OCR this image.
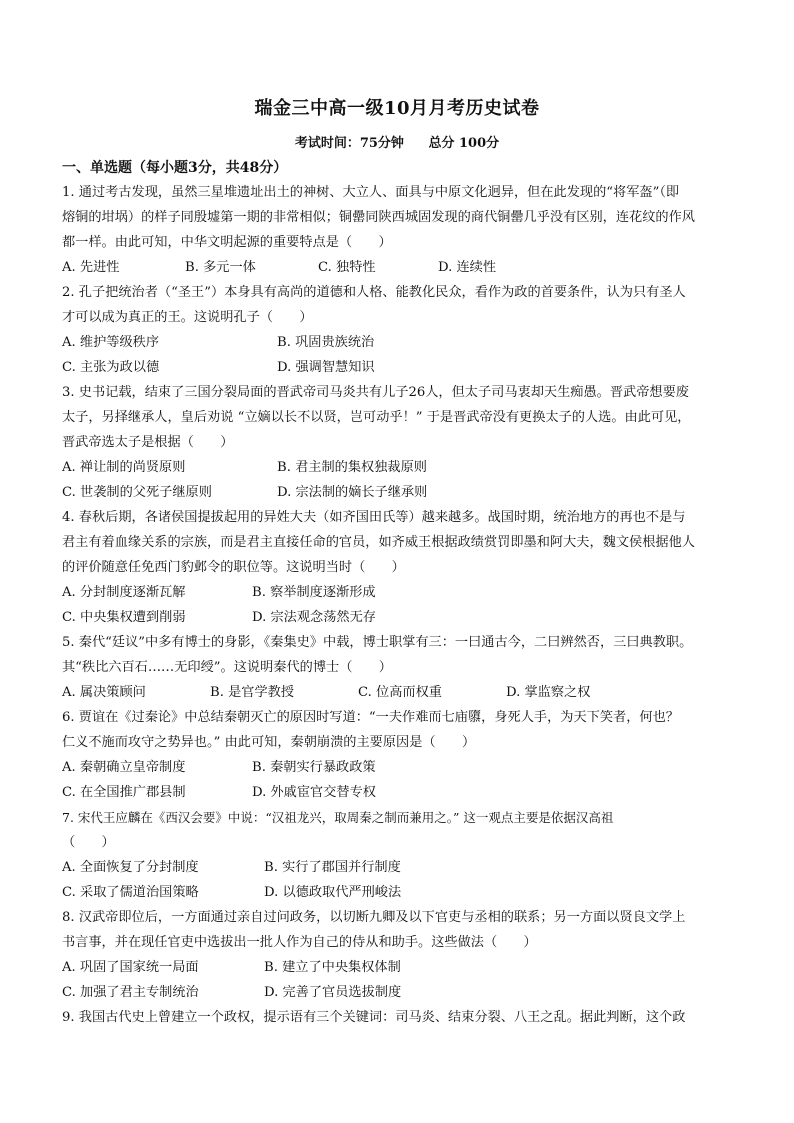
瑞金三中高一级10月月考历史试卷
考试时间：75分钟 总分 100分
一、单选题（每小题3分，共48分）
1. 通过考古发现，虽然三星堆遗址出土的神树、大立人、面具与中原文化迥异，但在此发现的“将军盔”（即
熔铜的坩埚）的样子同殷墟第一期的非常相似；铜罍同陕西城固发现的商代铜罍几乎没有区别，连花纹的作风
都一样。由此可知，中华文明起源的重要特点是（　　）
A. 先进性	B. 多元一体	C. 独特性	D. 连续性
2. 孔子把统治者（“圣王”）本身具有高尚的道德和人格、能教化民众，看作为政的首要条件，认为只有圣人
才可以成为真正的王。这说明孔子（　　）
A. 维护等级秩序	B. 巩固贵族统治
C. 主张为政以德	D. 强调智慧知识
3. 史书记载，结束了三国分裂局面的晋武帝司马炎共有儿子26人，但太子司马衷却天生痴愚。晋武帝想要废
太子，另择继承人，皇后劝说 “立嫡以长不以贤，岂可动乎！” 于是晋武帝没有更换太子的人选。由此可见，
晋武帝选太子是根据（　　）
A. 禅让制的尚贤原则	B. 君主制的集权独裁原则
C. 世袭制的父死子继原则	D. 宗法制的嫡长子继承则
4. 春秋后期，各诸侯国提拔起用的异姓大夫（如齐国田氏等）越来越多。战国时期，统治地方的再也不是与
君主有着血缘关系的宗族，而是君主直接任命的官员，如齐威王根据政绩赏罚即墨和阿大夫，魏文侯根据他人
的评价随意任免西门豹邺令的职位等。这说明当时（　　）
A. 分封制度逐渐瓦解	B. 察举制度逐渐形成
C. 中央集权遭到削弱	D. 宗法观念荡然无存
5. 秦代“廷议”中多有博士的身影，《秦集史》中载，博士职掌有三：一曰通古今，二曰辨然否，三曰典教职。
其“秩比六百石……无印绶”。这说明秦代的博士（　　）
A. 属决策顾问	B. 是官学教授	C. 位高而权重	D. 掌监察之权
6. 贾谊在《过秦论》中总结秦朝灭亡的原因时写道：“一夫作难而七庙隳，身死人手，为天下笑者，何也？
仁义不施而攻守之势异也。” 由此可知，秦朝崩溃的主要原因是（　　）
A. 秦朝确立皇帝制度	B. 秦朝实行暴政政策
C. 在全国推广郡县制	D. 外戚宦官交替专权
7. 宋代王应麟在《西汉会要》中说：“汉祖龙兴，取周秦之制而兼用之。” 这一观点主要是依据汉高祖
（　　）
A. 全面恢复了分封制度	B. 实行了郡国并行制度
C. 采取了儒道治国策略	D. 以德政取代严刑峻法
8. 汉武帝即位后，一方面通过亲自过问政务，以切断九卿及以下官吏与丞相的联系；另一方面以贤良文学上
书言事，并在现任官吏中选拔出一批人作为自己的侍从和助手。这些做法（　　）
A. 巩固了国家统一局面	B. 建立了中央集权体制
C. 加强了君主专制统治	D. 完善了官员选拔制度
9. 我国古代史上曾建立一个政权，提示语有三个关键词：司马炎、结束分裂、八王之乱。据此判断，这个政
